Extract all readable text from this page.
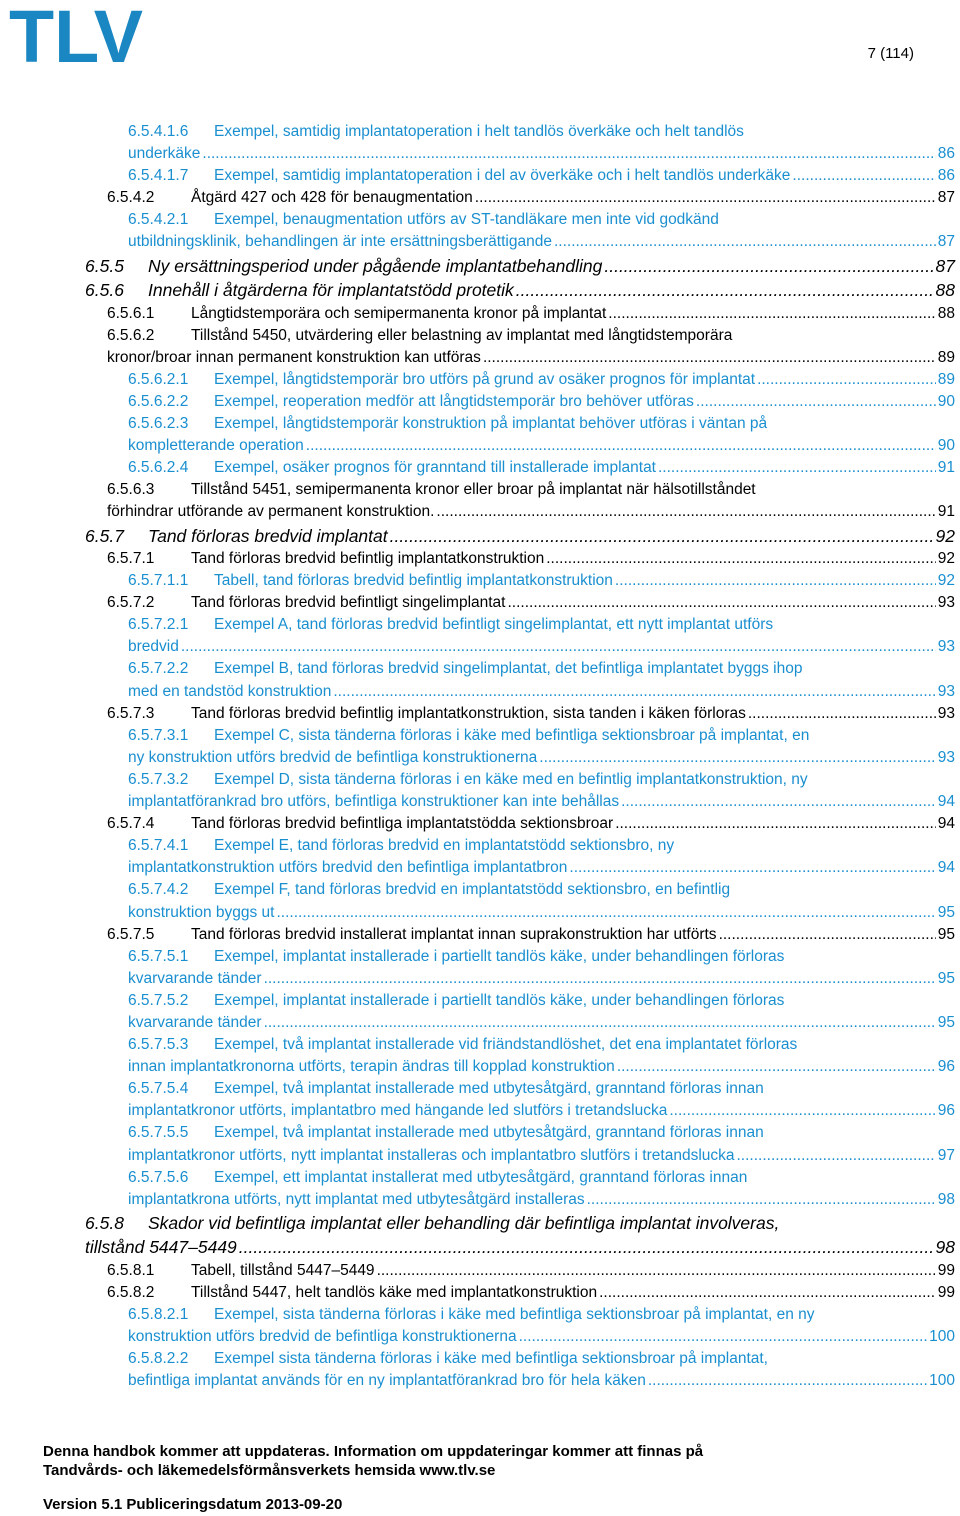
TLV	7 (114)
6.5.4.1.6 Exempel, samtidig implantatoperation i helt tandlös överkäke och helt tandlös
underkäke .....	86
6.5.4.1.7	Exempel, samtidig implantatoperation i del av överkäke och i helt tandlös underkäke .....	86
6.5.4.2	Åtgärd 427 och 428 för benaugmentation .....	87
6.5.4.2.1 Exempel, benaugmentation utförs av ST-tandläkare men inte vid godkänd
utbildningsklinik, behandlingen är inte ersättningsberättigande .....	87
6.5.5	Ny ersättningsperiod under pågående implantatbehandling .....	87
6.5.6	Innehåll i åtgärderna för implantatstödd protetik .....	88
6.5.6.1	Långtidstemporära och semipermanenta kronor på implantat .....	88
6.5.6.2 Tillstånd 5450, utvärdering eller belastning av implantat med långtidstemporära
kronor/broar innan permanent konstruktion kan utföras .....	89
6.5.6.2.1	Exempel, långtidstemporär bro utförs på grund av osäker prognos för implantat .....	89
6.5.6.2.2	Exempel, reoperation medför att långtidstemporär bro behöver utföras .....	90
6.5.6.2.3 Exempel, långtidstemporär konstruktion på implantat behöver utföras i väntan på
kompletterande operation .....	90
6.5.6.2.4	Exempel, osäker prognos för granntand till installerade implantat .....	91
6.5.6.3 Tillstånd 5451, semipermanenta kronor eller broar på implantat när hälsotillståndet
förhindrar utförande av permanent konstruktion. .....	91
6.5.7	Tand förloras bredvid implantat .....	92
6.5.7.1	Tand förloras bredvid befintlig implantatkonstruktion .....	92
6.5.7.1.1	Tabell, tand förloras bredvid befintlig implantatkonstruktion .....	92
6.5.7.2	Tand förloras bredvid befintligt singelimplantat .....	93
6.5.7.2.1 Exempel A, tand förloras bredvid befintligt singelimplantat, ett nytt implantat utförs
bredvid .....	93
6.5.7.2.2 Exempel B, tand förloras bredvid singelimplantat, det befintliga implantatet byggs ihop
med en tandstöd konstruktion .....	93
6.5.7.3	Tand förloras bredvid befintlig implantatkonstruktion, sista tanden i käken förloras .....	93
6.5.7.3.1 Exempel C, sista tänderna förloras i käke med befintliga sektionsbroar på implantat, en
ny konstruktion utförs bredvid de befintliga konstruktionerna .....	93
6.5.7.3.2 Exempel D, sista tänderna förloras i en käke med en befintlig implantatkonstruktion, ny
implantatförankrad bro utförs, befintliga konstruktioner kan inte behållas .....	94
6.5.7.4	Tand förloras bredvid befintliga implantatstödda sektionsbroar .....	94
6.5.7.4.1 Exempel E, tand förloras bredvid en implantatstödd sektionsbro, ny
implantatkonstruktion utförs bredvid den befintliga implantatbron .....	94
6.5.7.4.2 Exempel F, tand förloras bredvid en implantatstödd sektionsbro, en befintlig
konstruktion byggs ut .....	95
6.5.7.5	Tand förloras bredvid installerat implantat innan suprakonstruktion har utförts .....	95
6.5.7.5.1 Exempel, implantat installerade i partiellt tandlös käke, under behandlingen förloras
kvarvarande tänder .....	95
6.5.7.5.2 Exempel, implantat installerade i partiellt tandlös käke, under behandlingen förloras
kvarvarande tänder .....	95
6.5.7.5.3 Exempel, två implantat installerade vid friändstandlöshet, det ena implantatet förloras
innan implantatkronorna utförts, terapin ändras till kopplad konstruktion .....	96
6.5.7.5.4 Exempel, två implantat installerade med utbytesåtgärd, granntand förloras innan
implantatkronor utförts, implantatbro med hängande led slutförs i tretandslucka .....	96
6.5.7.5.5 Exempel, två implantat installerade med utbytesåtgärd, granntand förloras innan
implantatkronor utförts, nytt implantat installeras och implantatbro slutförs i tretandslucka .....	97
6.5.7.5.6 Exempel, ett implantat installerat med utbytesåtgärd, granntand förloras innan
implantatkrona utförts, nytt implantat med utbytesåtgärd installeras .....	98
6.5.8 Skador vid befintliga implantat eller behandling där befintliga implantat involveras,
tillstånd 5447–5449 .....	98
6.5.8.1	Tabell, tillstånd 5447–5449 .....	99
6.5.8.2	Tillstånd 5447, helt tandlös käke med implantatkonstruktion .....	99
6.5.8.2.1 Exempel, sista tänderna förloras i käke med befintliga sektionsbroar på implantat, en ny
konstruktion utförs bredvid de befintliga konstruktionerna .....	100
6.5.8.2.2 Exempel sista tänderna förloras i käke med befintliga sektionsbroar på implantat,
befintliga implantat används för en ny implantatförankrad bro för hela käken .....	100
Denna handbok kommer att uppdateras. Information om uppdateringar kommer att finnas på
Tandvårds- och läkemedelsförmånsverkets hemsida www.tlv.se
Version 5.1 Publiceringsdatum 2013-09-20
